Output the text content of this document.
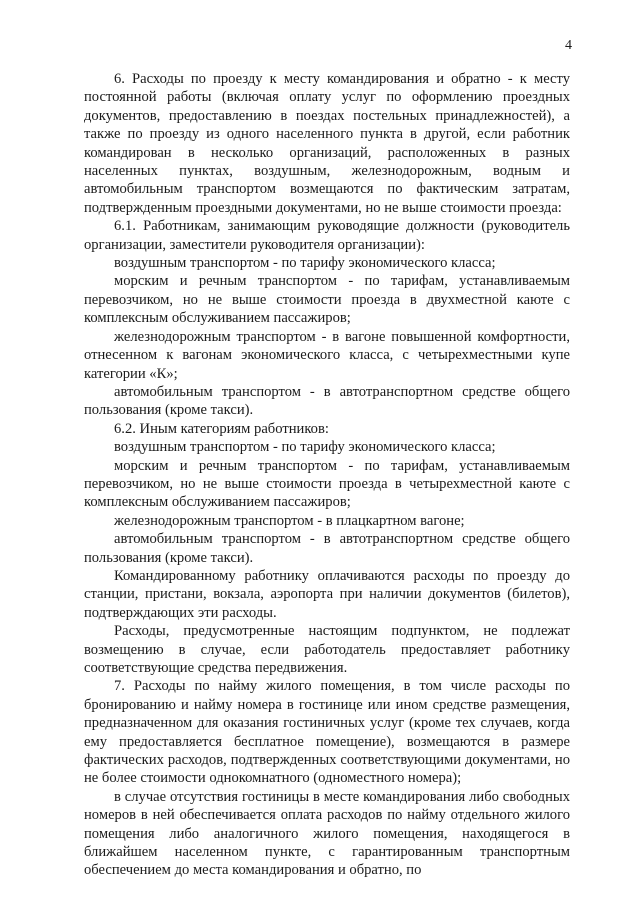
4

6. Расходы по проезду к месту командирования и обратно - к месту постоянной работы (включая оплату услуг по оформлению проездных документов, предоставлению в поездах постельных принадлежностей), а также по проезду из одного населенного пункта в другой, если работник командирован в несколько организаций, расположенных в разных населенных пунктах, воздушным, железнодорожным, водным и автомобильным транспортом возмещаются по фактическим затратам, подтвержденным проездными документами, но не выше стоимости проезда:

6.1. Работникам, занимающим руководящие должности (руководитель организации, заместители руководителя организации):

воздушным транспортом - по тарифу экономического класса;

морским и речным транспортом - по тарифам, устанавливаемым перевозчиком, но не выше стоимости проезда в двухместной каюте с комплексным обслуживанием пассажиров;

железнодорожным транспортом - в вагоне повышенной комфортности, отнесенном к вагонам экономического класса, с четырехместными купе категории «К»;

автомобильным транспортом - в автотранспортном средстве общего пользования (кроме такси).

6.2. Иным категориям работников:

воздушным транспортом - по тарифу экономического класса;

морским и речным транспортом - по тарифам, устанавливаемым перевозчиком, но не выше стоимости проезда в четырехместной каюте с комплексным обслуживанием пассажиров;

железнодорожным транспортом - в плацкартном вагоне;

автомобильным транспортом - в автотранспортном средстве общего пользования (кроме такси).

Командированному работнику оплачиваются расходы по проезду до станции, пристани, вокзала, аэропорта при наличии документов (билетов), подтверждающих эти расходы.

Расходы, предусмотренные настоящим подпунктом, не подлежат возмещению в случае, если работодатель предоставляет работнику соответствующие средства передвижения.

7. Расходы по найму жилого помещения, в том числе расходы по бронированию и найму номера в гостинице или ином средстве размещения, предназначенном для оказания гостиничных услуг (кроме тех случаев, когда ему предоставляется бесплатное помещение), возмещаются в размере фактических расходов, подтвержденных соответствующими документами, но не более стоимости однокомнатного (одноместного номера);

в случае отсутствия гостиницы в месте командирования либо свободных номеров в ней обеспечивается оплата расходов по найму отдельного жилого помещения либо аналогичного жилого помещения, находящегося в ближайшем населенном пункте, с гарантированным транспортным обеспечением до места командирования и обратно, по
